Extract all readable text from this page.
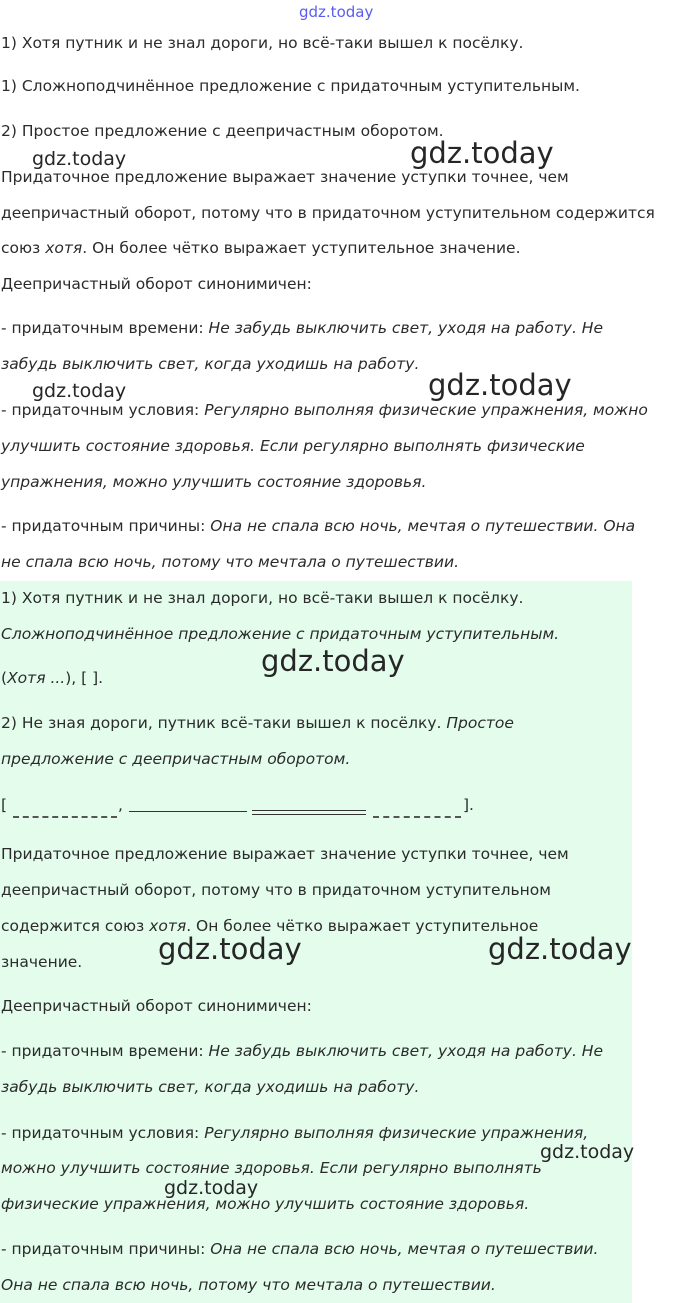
gdz.today
1) Хотя путник и не знал дороги, но всё-таки вышел к посёлку.
1) Сложноподчинённое предложение с придаточным уступительным.
2) Простое предложение с деепричастным оборотом.
Придаточное предложение выражает значение уступки точнее, чем
деепричастный оборот, потому что в придаточном уступительном содержится
союз хотя. Он более чётко выражает уступительное значение.
Деепричастный оборот синонимичен:
- придаточным времени: Не забудь выключить свет, уходя на работу. Не
забудь выключить свет, когда уходишь на работу.
- придаточным условия: Регулярно выполняя физические упражнения, можно
улучшить состояние здоровья. Если регулярно выполнять физические
упражнения, можно улучшить состояние здоровья.
- придаточным причины: Она не спала всю ночь, мечтая о путешествии. Она
не спала всю ночь, потому что мечтала о путешествии.
1) Хотя путник и не знал дороги, но всё-таки вышел к посёлку.
Сложноподчинённое предложение с придаточным уступительным.
(Хотя ...), [ ].
2) Не зная дороги, путник всё-таки вышел к посёлку. Простое
предложение с деепричастным оборотом.
[	,	].
Придаточное предложение выражает значение уступки точнее, чем
деепричастный оборот, потому что в придаточном уступительном
содержится союз хотя. Он более чётко выражает уступительное
значение.
Деепричастный оборот синонимичен:
- придаточным времени: Не забудь выключить свет, уходя на работу. Не
забудь выключить свет, когда уходишь на работу.
- придаточным условия: Регулярно выполняя физические упражнения,
можно улучшить состояние здоровья. Если регулярно выполнять
физические упражнения, можно улучшить состояние здоровья.
- придаточным причины: Она не спала всю ночь, мечтая о путешествии.
Она не спала всю ночь, потому что мечтала о путешествии.
gdz.today	gdz.today
gdz.today	gdz.today
gdz.today
gdz.today	gdz.today
gdz.today
gdz.today
